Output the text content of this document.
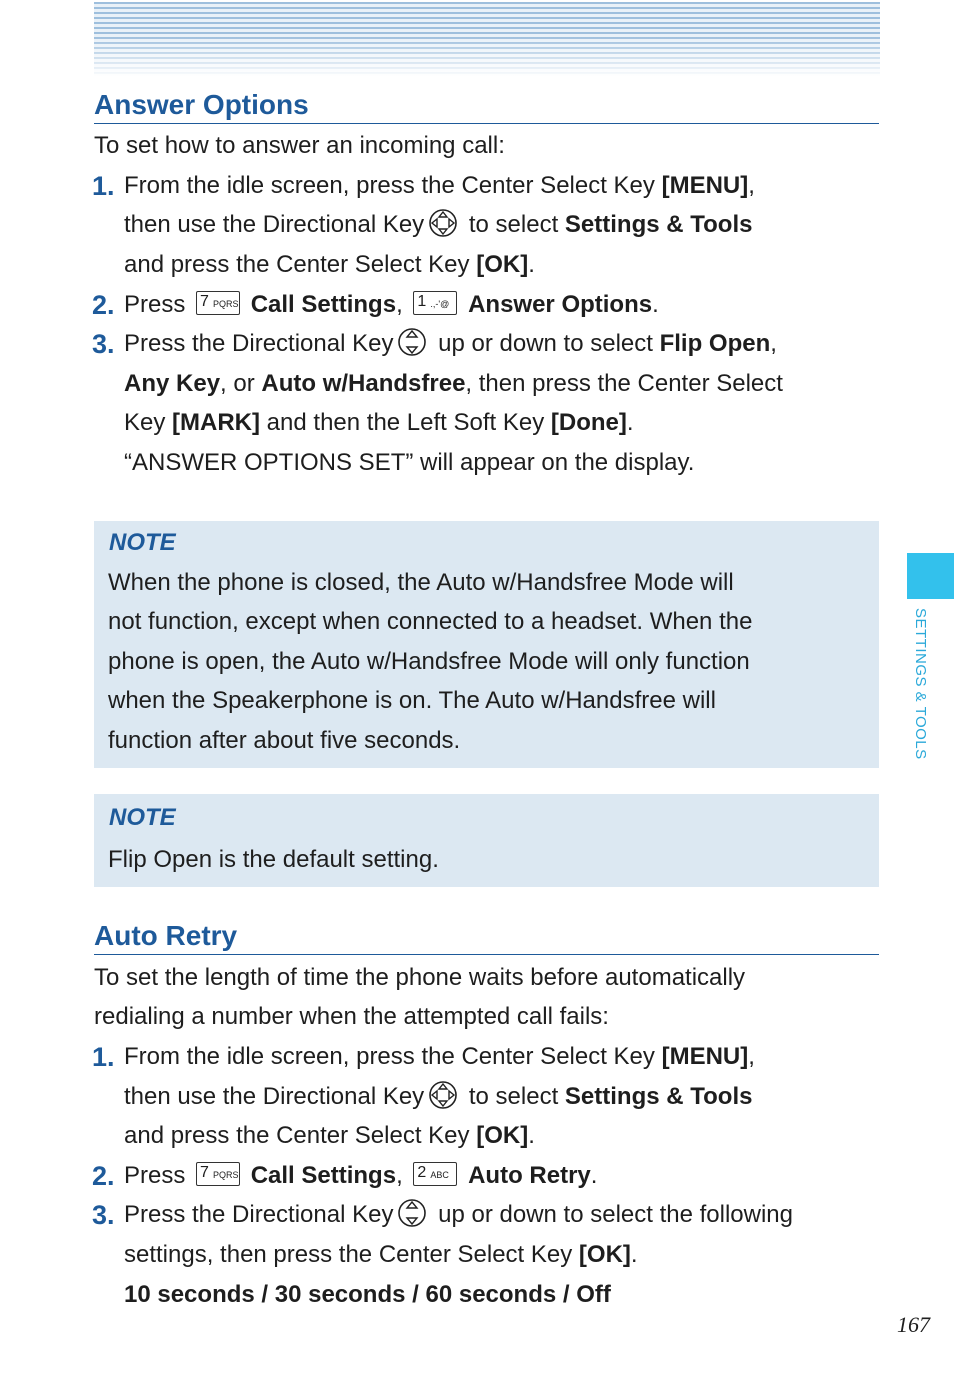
Answer Options

To set how to answer an incoming call:

1. From the idle screen, press the Center Select Key [MENU],

then use the Directional Key to select Settings & Tools

and press the Center Select Key [OK].

2. Press 7 PQRS Call Settings, 1 .,-'@ Answer Options.

3. Press the Directional Key up or down to select Flip Open,

Any Key, or Auto w/Handsfree, then press the Center Select

Key [MARK] and then the Left Soft Key [Done].

“ANSWER OPTIONS SET” will appear on the display.

NOTE

When the phone is closed, the Auto w/Handsfree Mode will

not function, except when connected to a headset. When the

phone is open, the Auto w/Handsfree Mode will only function

when the Speakerphone is on. The Auto w/Handsfree will

function after about five seconds.

NOTE

Flip Open is the default setting.

Auto Retry

To set the length of time the phone waits before automatically

redialing a number when the attempted call fails:

1. From the idle screen, press the Center Select Key [MENU],

then use the Directional Key to select Settings & Tools

and press the Center Select Key [OK].

2. Press 7 PQRS Call Settings, 2 ABC Auto Retry.

3. Press the Directional Key up or down to select the following

settings, then press the Center Select Key [OK].

10 seconds / 30 seconds / 60 seconds / Off

SETTINGS & TOOLS
167
